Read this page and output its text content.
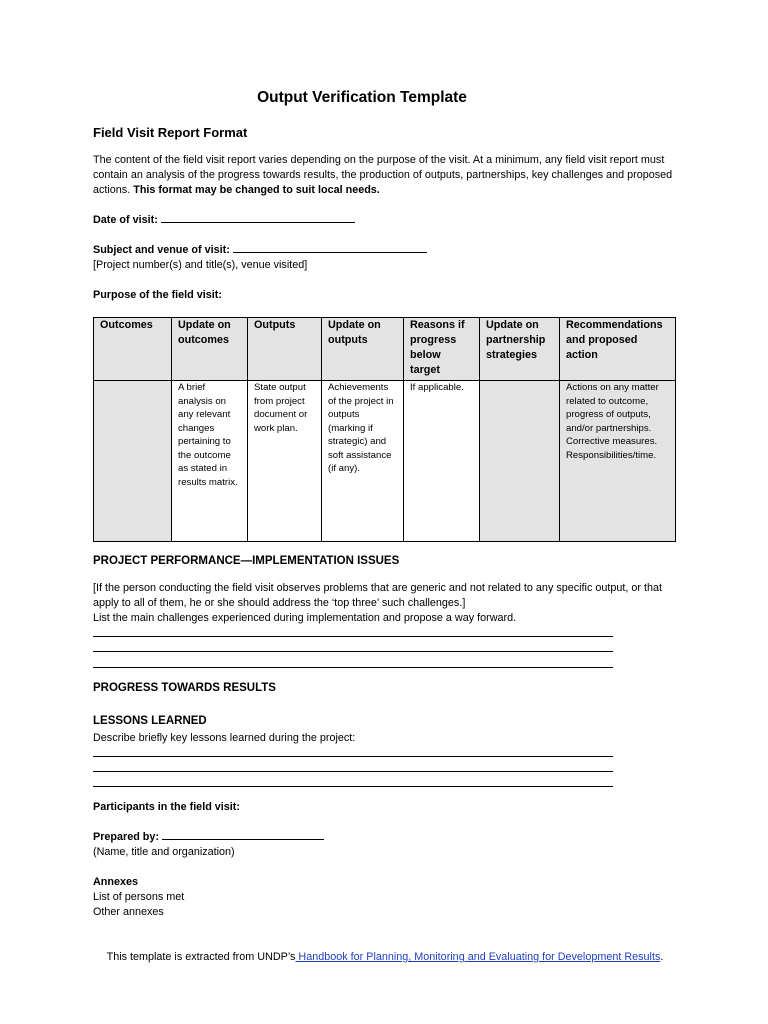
Output Verification Template
Field Visit Report Format
The content of the field visit report varies depending on the purpose of the visit. At a minimum, any field visit report must contain an analysis of the progress towards results, the production of outputs, partnerships, key challenges and proposed actions. This format may be changed to suit local needs.
Date of visit:
Subject and venue of visit:
[Project number(s) and title(s), venue visited]
Purpose of the field visit:
Outcomes	Update on outcomes	Outputs	Update on outputs	Reasons if progress below target	Update on partnership strategies	Recommendations and proposed action
	A brief analysis on any relevant changes pertaining to the outcome as stated in results matrix.	State output from project document or work plan.	Achievements of the project in outputs (marking if strategic) and soft assistance (if any).	If applicable.		Actions on any matter related to outcome, progress of outputs, and/or partnerships. Corrective measures. Responsibilities/time.
PROJECT PERFORMANCE—IMPLEMENTATION ISSUES
[If the person conducting the field visit observes problems that are generic and not related to any specific output, or that apply to all of them, he or she should address the ‘top three’ such challenges.]
List the main challenges experienced during implementation and propose a way forward.
PROGRESS TOWARDS RESULTS
LESSONS LEARNED
Describe briefly key lessons learned during the project:
Participants in the field visit:
Prepared by:
(Name, title and organization)
Annexes
List of persons met
Other annexes
This template is extracted from UNDP’s Handbook for Planning, Monitoring and Evaluating for Development Results.
